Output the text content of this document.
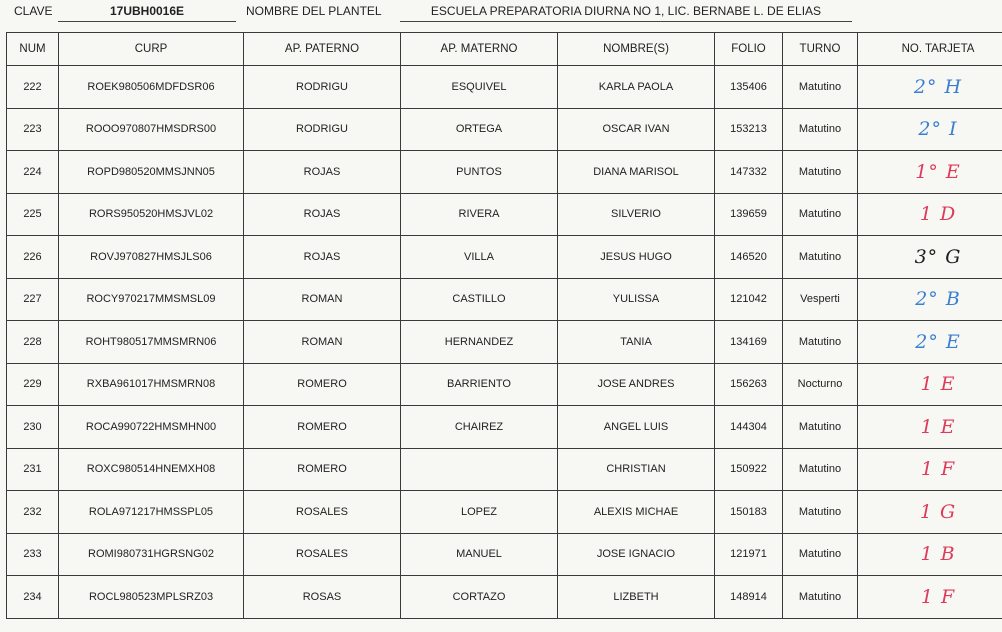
CLAVE	17UBH0016E	NOMBRE DEL PLANTEL	ESCUELA PREPARATORIA DIURNA NO 1, LIC. BERNABE L. DE ELIAS
NUM	CURP	AP. PATERNO	AP. MATERNO	NOMBRE(S)	FOLIO	TURNO	NO. TARJETA
222	ROEK980506MDFDSR06	RODRIGU	ESQUIVEL	KARLA PAOLA	135406	Matutino	2° H
223	ROOO970807HMSDRS00	RODRIGU	ORTEGA	OSCAR IVAN	153213	Matutino	2° I
224	ROPD980520MMSJNN05	ROJAS	PUNTOS	DIANA MARISOL	147332	Matutino	1° E
225	RORS950520HMSJVL02	ROJAS	RIVERA	SILVERIO	139659	Matutino	1 D
226	ROVJ970827HMSJLS06	ROJAS	VILLA	JESUS HUGO	146520	Matutino	3° G
227	ROCY970217MMSMSL09	ROMAN	CASTILLO	YULISSA	121042	Vesperti	2° B
228	ROHT980517MMSMRN06	ROMAN	HERNANDEZ	TANIA	134169	Matutino	2° E
229	RXBA961017HMSMRN08	ROMERO	BARRIENTO	JOSE ANDRES	156263	Nocturno	1 E
230	ROCA990722HMSMHN00	ROMERO	CHAIREZ	ANGEL LUIS	144304	Matutino	1 E
231	ROXC980514HNEMXH08	ROMERO		CHRISTIAN	150922	Matutino	1 F
232	ROLA971217HMSSPL05	ROSALES	LOPEZ	ALEXIS MICHAE	150183	Matutino	1 G
233	ROMI980731HGRSNG02	ROSALES	MANUEL	JOSE IGNACIO	121971	Matutino	1 B
234	ROCL980523MPLSRZ03	ROSAS	CORTAZO	LIZBETH	148914	Matutino	1 F
